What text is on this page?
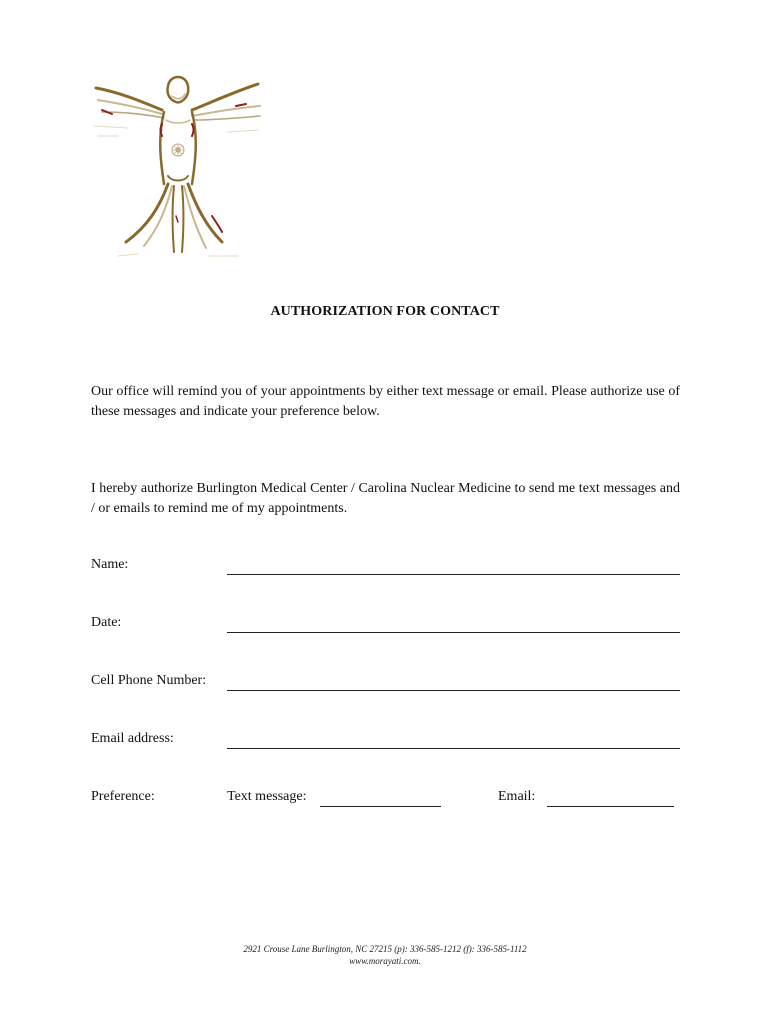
AUTHORIZATION FOR CONTACT
Our office will remind you of your appointments by either text message or email. Please authorize use of these messages and indicate your preference below.
I hereby authorize Burlington Medical Center / Carolina Nuclear Medicine to send me text messages and / or emails to remind me of my appointments.
Name:
Date:
Cell Phone Number:
Email address:
Preference:	Text message:	Email:
2921 Crouse Lane Burlington, NC 27215 (p): 336-585-1212 (f): 336-585-1112
www.morayati.com.
